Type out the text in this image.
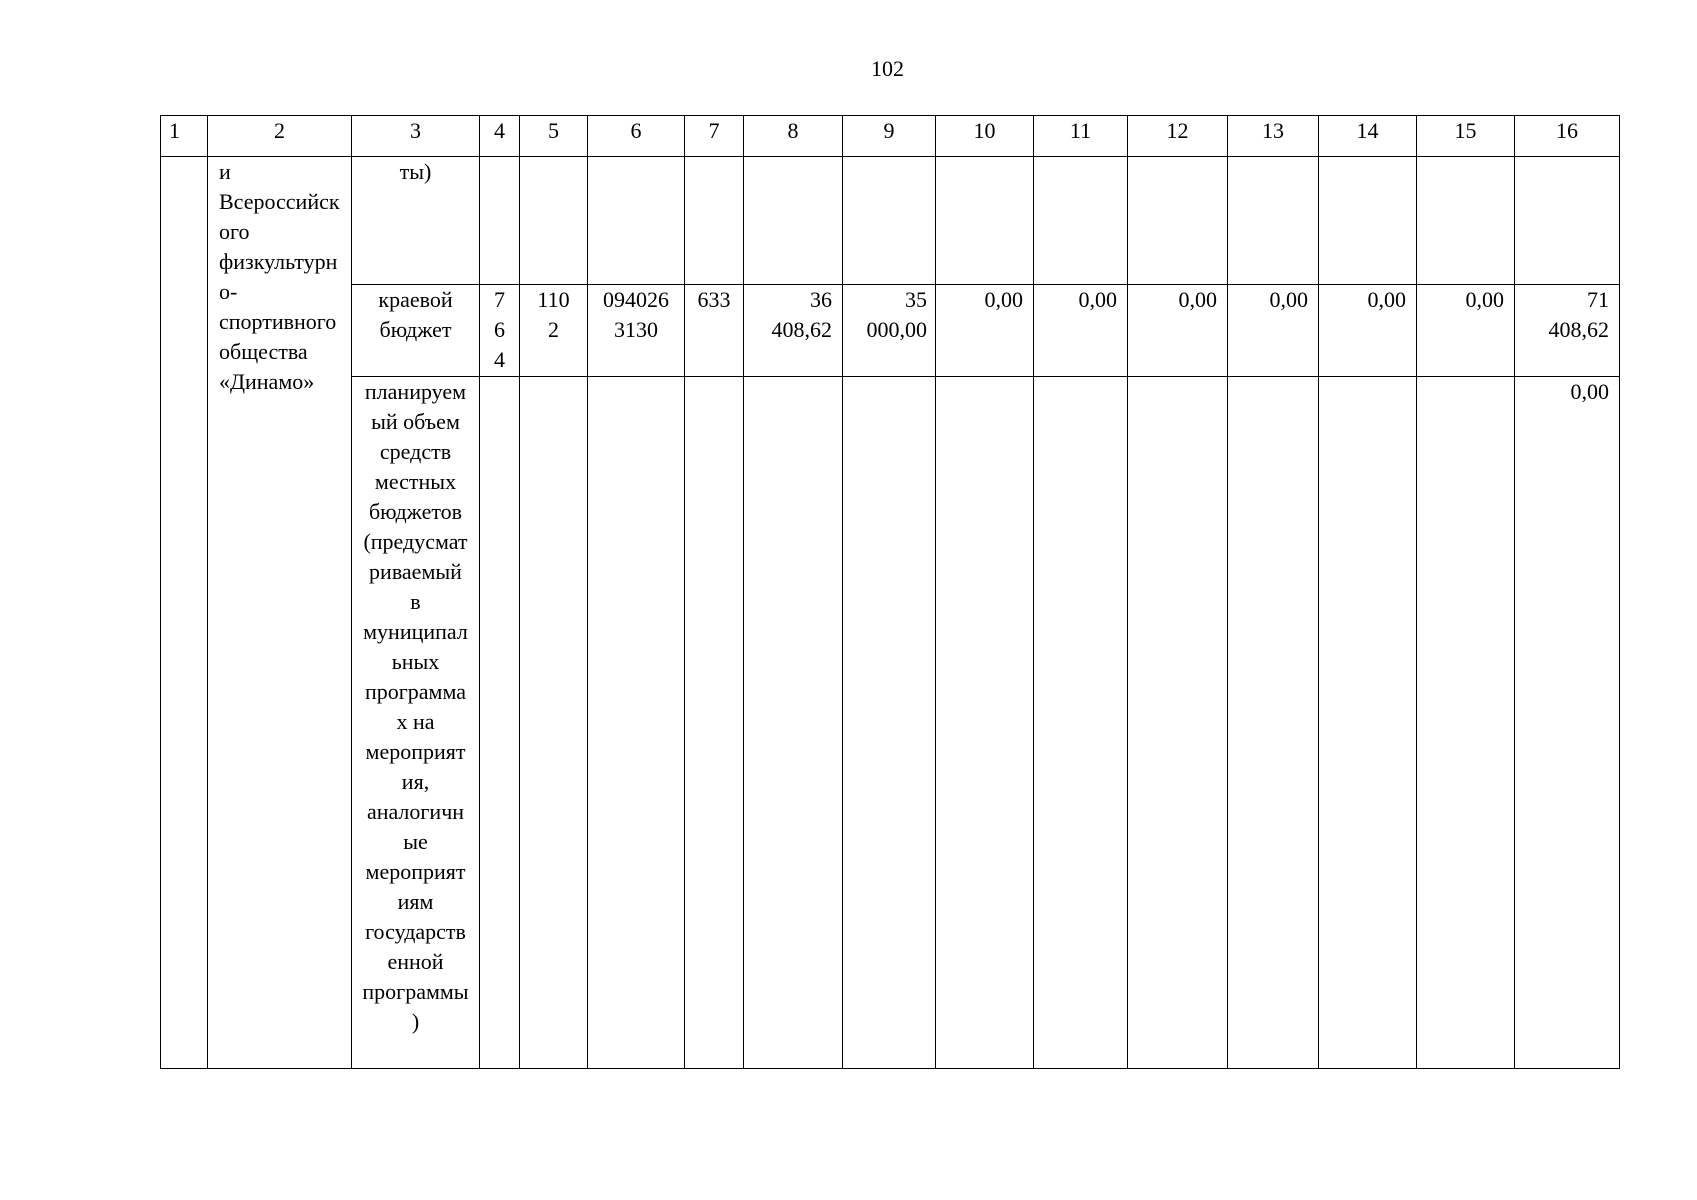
102
1	2	3	4	5	6	7	8	9	10	11	12	13	14	15	16
	и Всероссийского физкультурно-спортивного общества «Динамо»	ты)													
		краевой бюджет	764	1102	0940263130	633	36 408,62	35 000,00	0,00	0,00	0,00	0,00	0,00	0,00	71 408,62
		планируемый объем средств местных бюджетов (предусматриваемый в муниципальных программах на мероприятия, аналогичные мероприятиям государственной программы)													0,00
